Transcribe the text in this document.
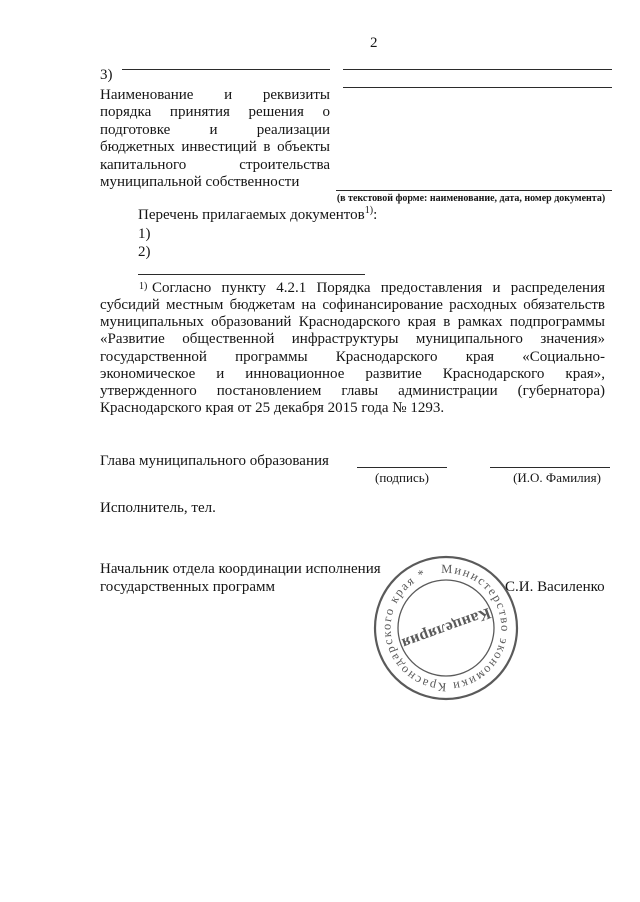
2
3)
Наименование и реквизиты
порядка принятия решения о
подготовке и реализации
бюджетных инвестиций в объекты
капитального строительства
муниципальной собственности
(в текстовой форме: наименование, дата, номер документа)
Перечень прилагаемых документов$^{1)}$:
1)
2)
1) Согласно пункту 4.2.1 Порядка предоставления и распределения
субсидий местным бюджетам на софинансирование расходных обязательств
муниципальных образований Краснодарского края в рамках подпрограммы
«Развитие общественной инфраструктуры муниципального значения»
государственной программы Краснодарского края «Социально-
экономическое и инновационное развитие Краснодарского края»,
утвержденного постановлением главы администрации (губернатора)
Краснодарского края от 25 декабря 2015 года № 1293.
Глава муниципального образования
(подпись)	(И.О. Фамилия)
Исполнитель, тел.
Начальник отдела координации исполнения
государственных программ	С.И. Василенко
Министерство экономики Краснодарского края *
Канцелярия
